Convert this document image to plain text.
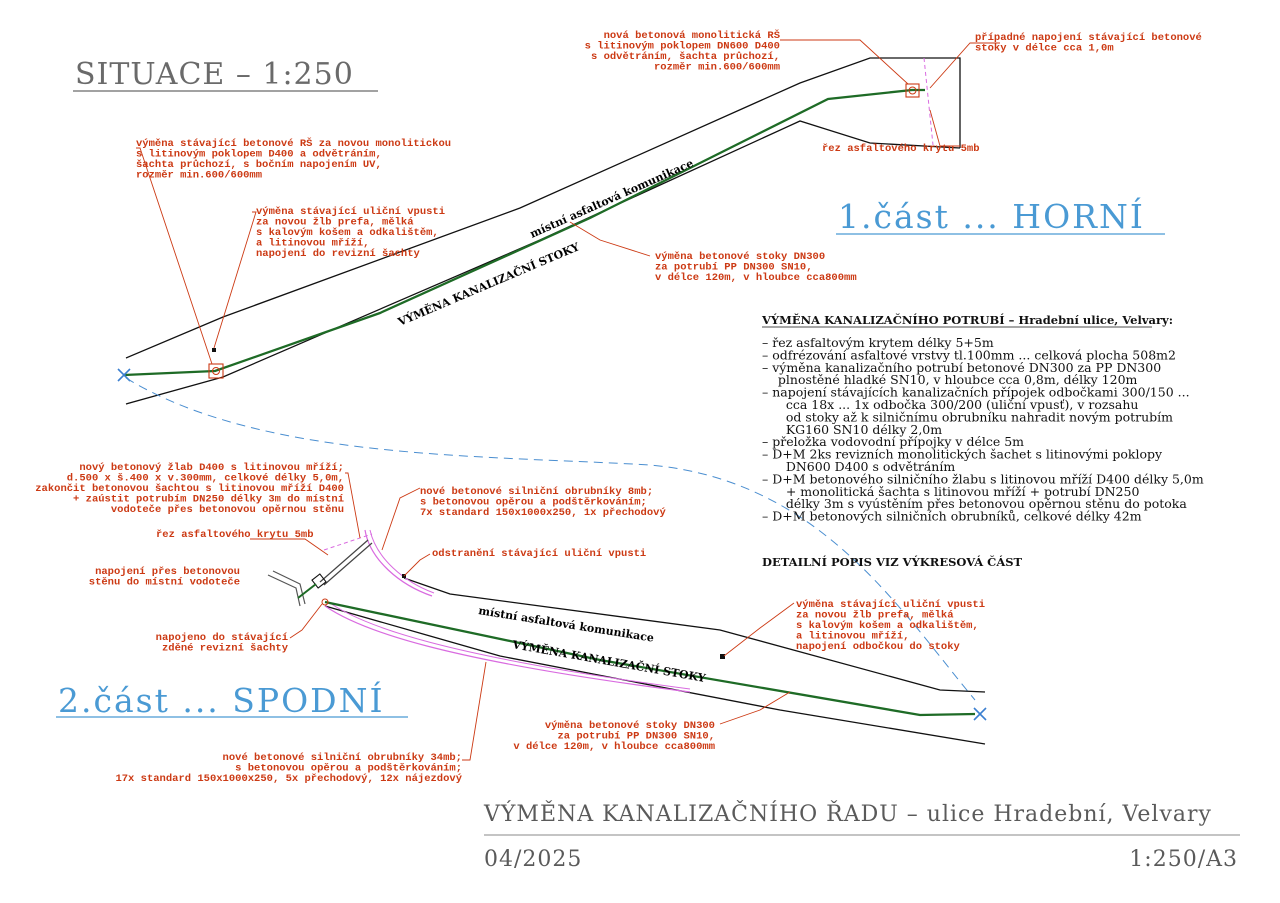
SITUACE – 1:250
místní asfaltová komunikace
VÝMĚNA KANALIZAČNÍ STOKY
místní asfaltová komunikace
VÝMĚNA KANALIZAČNÍ STOKY
nová betonová monolitická RŠ s litinovým poklopem DN600 D400 s odvětráním, šachta průchozí, rozměr min.600/600mm
případné napojení stávající betonové stoky v délce cca 1,0m
řez asfaltového krytu 5mb
výměna stávající betonové RŠ za novou monolitickou s litinovým poklopem D400 a odvětráním, šachta průchozí, s bočním napojením UV, rozměr min.600/600mm
výměna stávající uliční vpusti za novou žlb prefa, mělká s kalovým košem a odkalištěm, a litinovou mříží, napojení do revizní šachty	výměna betonové stoky DN300 za potrubí PP DN300 SN10, v délce 120m, v hloubce cca800mm
nový betonový žlab D400 s litinovou mříží; d.500 x š.400 x v.300mm, celkové délky 5,0m, zakončit betonovou šachtou s litinovou mříží D400 + zaústit potrubím DN250 délky 3m do místní vodoteče přes betonovou opěrnou stěnu
řez asfaltového krytu 5mb
napojení přes betonovou stěnu do místní vodoteče
napojeno do stávající zděné revizní šachty
nové betonové silniční obrubníky 8mb; s betonovou opěrou a podštěrkováním; 7x standard 150x1000x250, 1x přechodový
odstranění stávající uliční vpusti
výměna stávající uliční vpusti za novou žlb prefa, mělká s kalovým košem a odkalištěm, a litinovou mříží, napojení odbočkou do stoky
výměna betonové stoky DN300 za potrubí PP DN300 SN10, v délce 120m, v hloubce cca800mm
nové betonové silniční obrubníky 34mb; s betonovou opěrou a podštěrkováním; 17x standard 150x1000x250, 5x přechodový, 12x nájezdový
1.část ... HORNÍ
2.část ... SPODNÍ
VÝMĚNA KANALIZAČNÍHO POTRUBÍ – Hradební ulice, Velvary:
– řez asfaltovým krytem délky 5+5m
– odfrézování asfaltové vrstvy tl.100mm ... celková plocha 508m2
– výměna kanalizačního potrubí betonové DN300 za PP DN300
plnostěné hladké SN10, v hloubce cca 0,8m, délky 120m
– napojení stávajících kanalizačních přípojek odbočkami 300/150 ...
cca 18x ... 1x odbočka 300/200 (uliční vpusť), v rozsahu
od stoky až k silničnímu obrubníku nahradit novým potrubím
KG160 SN10 délky 2,0m
– přeložka vodovodní přípojky v délce 5m
– D+M 2ks revizních monolitických šachet s litinovými poklopy
DN600 D400 s odvětráním
– D+M betonového silničního žlabu s litinovou mříží D400 délky 5,0m
+ monolitická šachta s litinovou mříží + potrubí DN250
délky 3m s vyústěním přes betonovou opěrnou stěnu do potoka
– D+M betonových silničních obrubníků, celkové délky 42m
DETAILNÍ POPIS VIZ VÝKRESOVÁ ČÁST
VÝMĚNA KANALIZAČNÍHO ŘADU – ulice Hradební, Velvary
04/2025	1:250/A3
